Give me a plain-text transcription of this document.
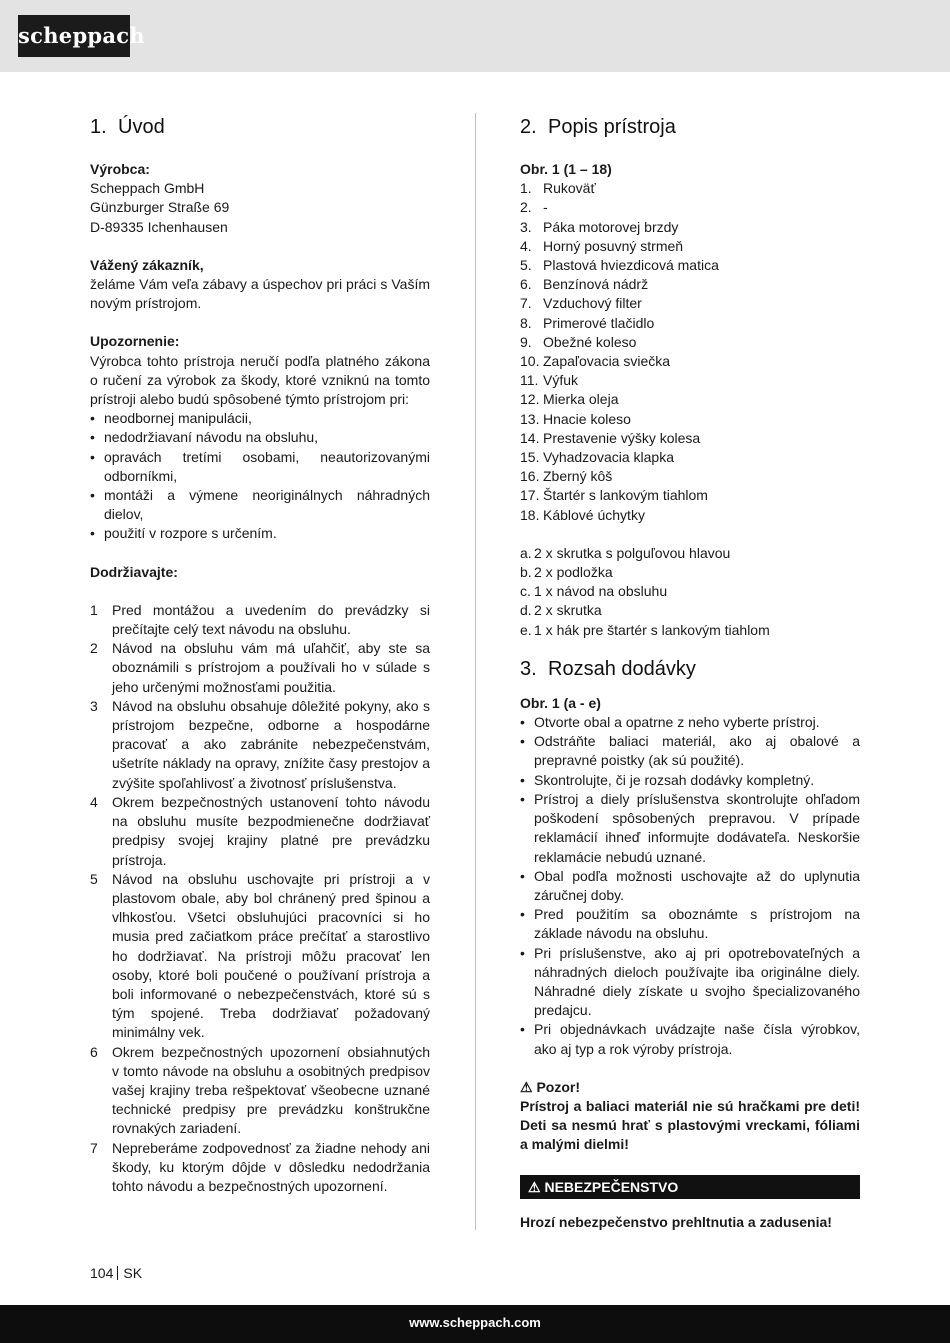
scheppach
1. Úvod
Výrobca:
Scheppach GmbH
Günzburger Straße 69
D-89335 Ichenhausen
Vážený zákazník,
želáme Vám veľa zábavy a úspechov pri práci s Vaším novým prístrojom.
Upozornenie:
Výrobca tohto prístroja neručí podľa platného zákona o ručení za výrobok za škody, ktoré vzniknú na tomto prístroji alebo budú spôsobené týmto prístrojom pri:
• neodbornej manipulácii,
• nedodržiavaní návodu na obsluhu,
• opravách tretími osobami, neautorizovanými odborníkmi,
• montáži a výmene neoriginálnych náhradných dielov,
• použití v rozpore s určením.
Dodržiavajte:
1	Pred montážou a uvedením do prevádzky si prečítajte celý text návodu na obsluhu.
2	Návod na obsluhu vám má uľahčiť, aby ste sa oboznámili s prístrojom a používali ho v súlade s jeho určenými možnosťami použitia.
3	Návod na obsluhu obsahuje dôležité pokyny, ako s prístrojom bezpečne, odborne a hospodárne pracovať a ako zabránite nebezpečenstvám, ušetríte náklady na opravy, znížite časy prestojov a zvýšite spoľahlivosť a životnosť príslušenstva.
4	Okrem bezpečnostných ustanovení tohto návodu na obsluhu musíte bezpodmienečne dodržiavať predpisy svojej krajiny platné pre prevádzku prístroja.
5	Návod na obsluhu uschovajte pri prístroji a v plastovom obale, aby bol chránený pred špinou a vlhkosťou. Všetci obsluhujúci pracovníci si ho musia pred začiatkom práce prečítať a starostlivo ho dodržiavať. Na prístroji môžu pracovať len osoby, ktoré boli poučené o používaní prístroja a boli informované o nebezpečenstvách, ktoré sú s tým spojené. Treba dodržiavať požadovaný minimálny vek.
6	Okrem bezpečnostných upozornení obsiahnutých v tomto návode na obsluhu a osobitných predpisov vašej krajiny treba rešpektovať všeobecne uznané technické predpisy pre prevádzku konštrukčne rovnakých zariadení.
7	Nepreberáme zodpovednosť za žiadne nehody ani škody, ku ktorým dôjde v dôsledku nedodržania tohto návodu a bezpečnostných upozornení.
2. Popis prístroja
Obr. 1 (1 – 18)
1. Rukoväť
2. -
3. Páka motorovej brzdy
4. Horný posuvný strmeň
5. Plastová hviezdicová matica
6. Benzínová nádrž
7. Vzduchový filter
8. Primerové tlačidlo
9. Obežné koleso
10. Zapaľovacia sviečka
11. Výfuk
12. Mierka oleja
13. Hnacie koleso
14. Prestavenie výšky kolesa
15. Vyhadzovacia klapka
16. Zberný kôš
17. Štartér s lankovým tiahlom
18. Káblové úchytky
a. 2 x skrutka s polguľovou hlavou
b. 2 x podložka
c. 1 x návod na obsluhu
d. 2 x skrutka
e. 1 x hák pre štartér s lankovým tiahlom
3. Rozsah dodávky
Obr. 1 (a - e)
• Otvorte obal a opatrne z neho vyberte prístroj.
• Odstráňte baliaci materiál, ako aj obalové a prepravné poistky (ak sú použité).
• Skontrolujte, či je rozsah dodávky kompletný.
• Prístroj a diely príslušenstva skontrolujte ohľadom poškodení spôsobených prepravou. V prípade reklamácií ihneď informujte dodávateľa. Neskoršie reklamácie nebudú uznané.
• Obal podľa možnosti uschovajte až do uplynutia záručnej doby.
• Pred použitím sa oboznámte s prístrojom na základe návodu na obsluhu.
• Pri príslušenstve, ako aj pri opotrebovateľných a náhradných dieloch používajte iba originálne diely. Náhradné diely získate u svojho špecializovaného predajcu.
• Pri objednávkach uvádzajte naše čísla výrobkov, ako aj typ a rok výroby prístroja.
⚠ Pozor!
Prístroj a baliaci materiál nie sú hračkami pre deti! Deti sa nesmú hrať s plastovými vreckami, fóliami a malými dielmi!
⚠ NEBEZPEČENSTVO
Hrozí nebezpečenstvo prehltnutia a zadusenia!
104 SK
www.scheppach.com
